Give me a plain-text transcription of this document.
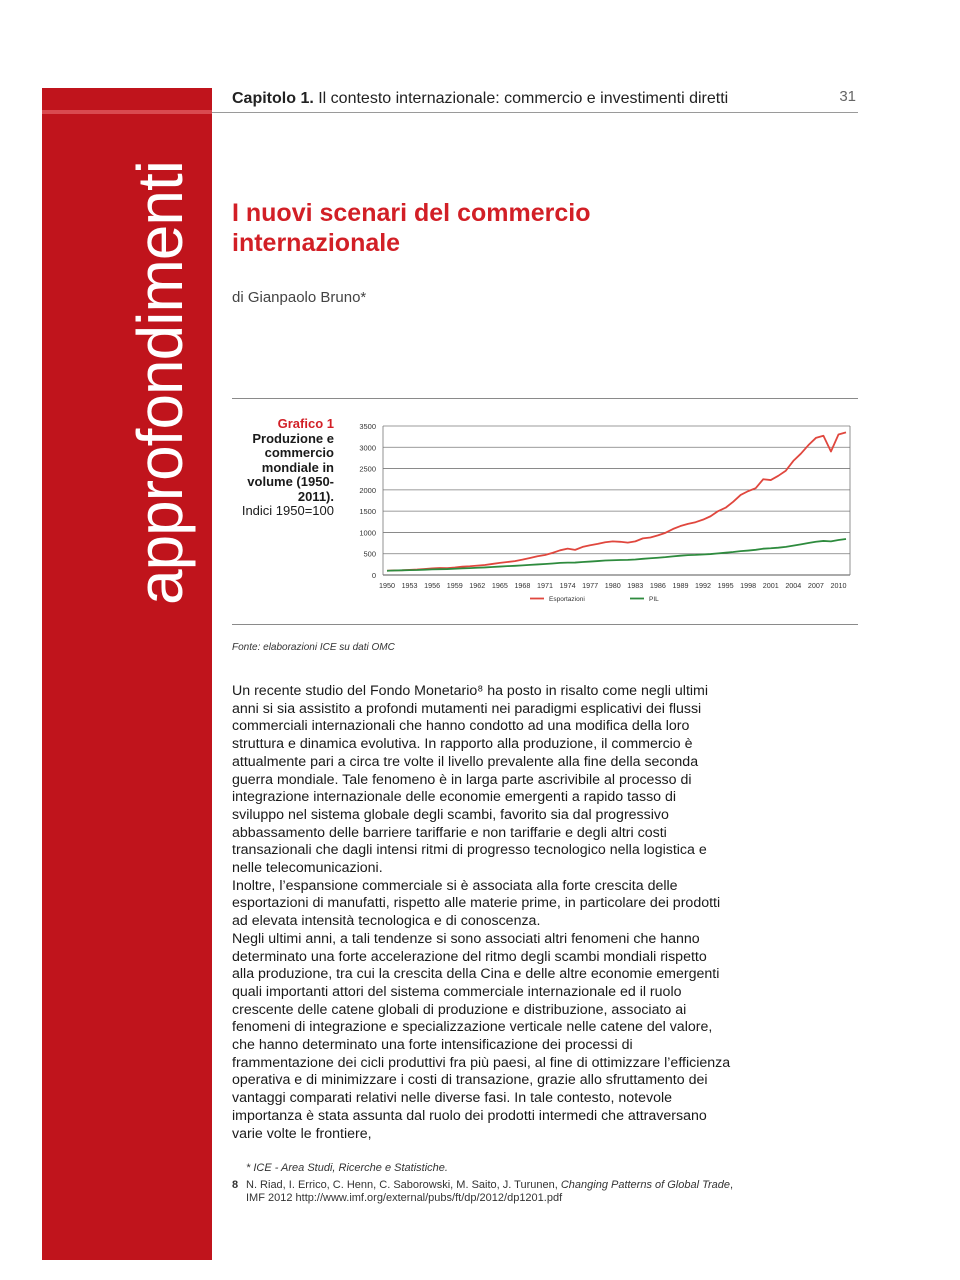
approfondimenti
Capitolo 1. Il contesto internazionale: commercio e investimenti diretti	31
I nuovi scenari del commercio
internazionale
di Gianpaolo Bruno*
Grafico 1
Produzione e commercio mondiale in volume (1950-2011).
Indici 1950=100
0
500
1000
1500
2000
2500
3000
3500
1950 1953 1956 1959 1962 1965 1968 1971 1974 1977 1980 1983 1986 1989 1992 1995 1998 2001 2004 2007 2010
Esportazioni	PIL
Fonte: elaborazioni ICE su dati OMC

Un recente studio del Fondo Monetario⁸ ha posto in risalto come negli ultimi anni si sia assistito a profondi mutamenti nei paradigmi esplicativi dei flussi commerciali internazionali che hanno condotto ad una modifica della loro struttura e dinamica evolutiva. In rapporto alla produzione, il commercio è attualmente pari a circa tre volte il livello prevalente alla fine della seconda guerra mondiale. Tale fenomeno è in larga parte ascrivibile al processo di integrazione internazionale delle economie emergenti a rapido tasso di sviluppo nel sistema globale degli scambi, favorito sia dal progressivo abbassamento delle barriere tariffarie e non tariffarie e degli altri costi transazionali che dagli intensi ritmi di progresso tecnologico nella logistica e nelle telecomunicazioni.

Inoltre, l’espansione commerciale si è associata alla forte crescita delle esportazioni di manufatti, rispetto alle materie prime, in particolare dei prodotti ad elevata intensità tecnologica e di conoscenza.

Negli ultimi anni, a tali tendenze si sono associati altri fenomeni che hanno determinato una forte accelerazione del ritmo degli scambi mondiali rispetto alla produzione, tra cui la crescita della Cina e delle altre economie emergenti quali importanti attori del sistema commerciale internazionale ed il ruolo crescente delle catene globali di produzione e distribuzione, associato ai fenomeni di integrazione e specializzazione verticale nelle catene del valore, che hanno determinato una forte intensificazione dei processi di frammentazione dei cicli produttivi fra più paesi, al fine di ottimizzare l’efficienza operativa e di minimizzare i costi di transazione, grazie allo sfruttamento dei vantaggi comparati relativi nelle diverse fasi. In tale contesto, notevole importanza è stata assunta dal ruolo dei prodotti intermedi che attraversano varie volte le frontiere,

* ICE - Area Studi, Ricerche e Statistiche.
8 N. Riad, I. Errico, C. Henn, C. Saborowski, M. Saito, J. Turunen, Changing Patterns of Global Trade, IMF 2012 http://www.imf.org/external/pubs/ft/dp/2012/dp1201.pdf
